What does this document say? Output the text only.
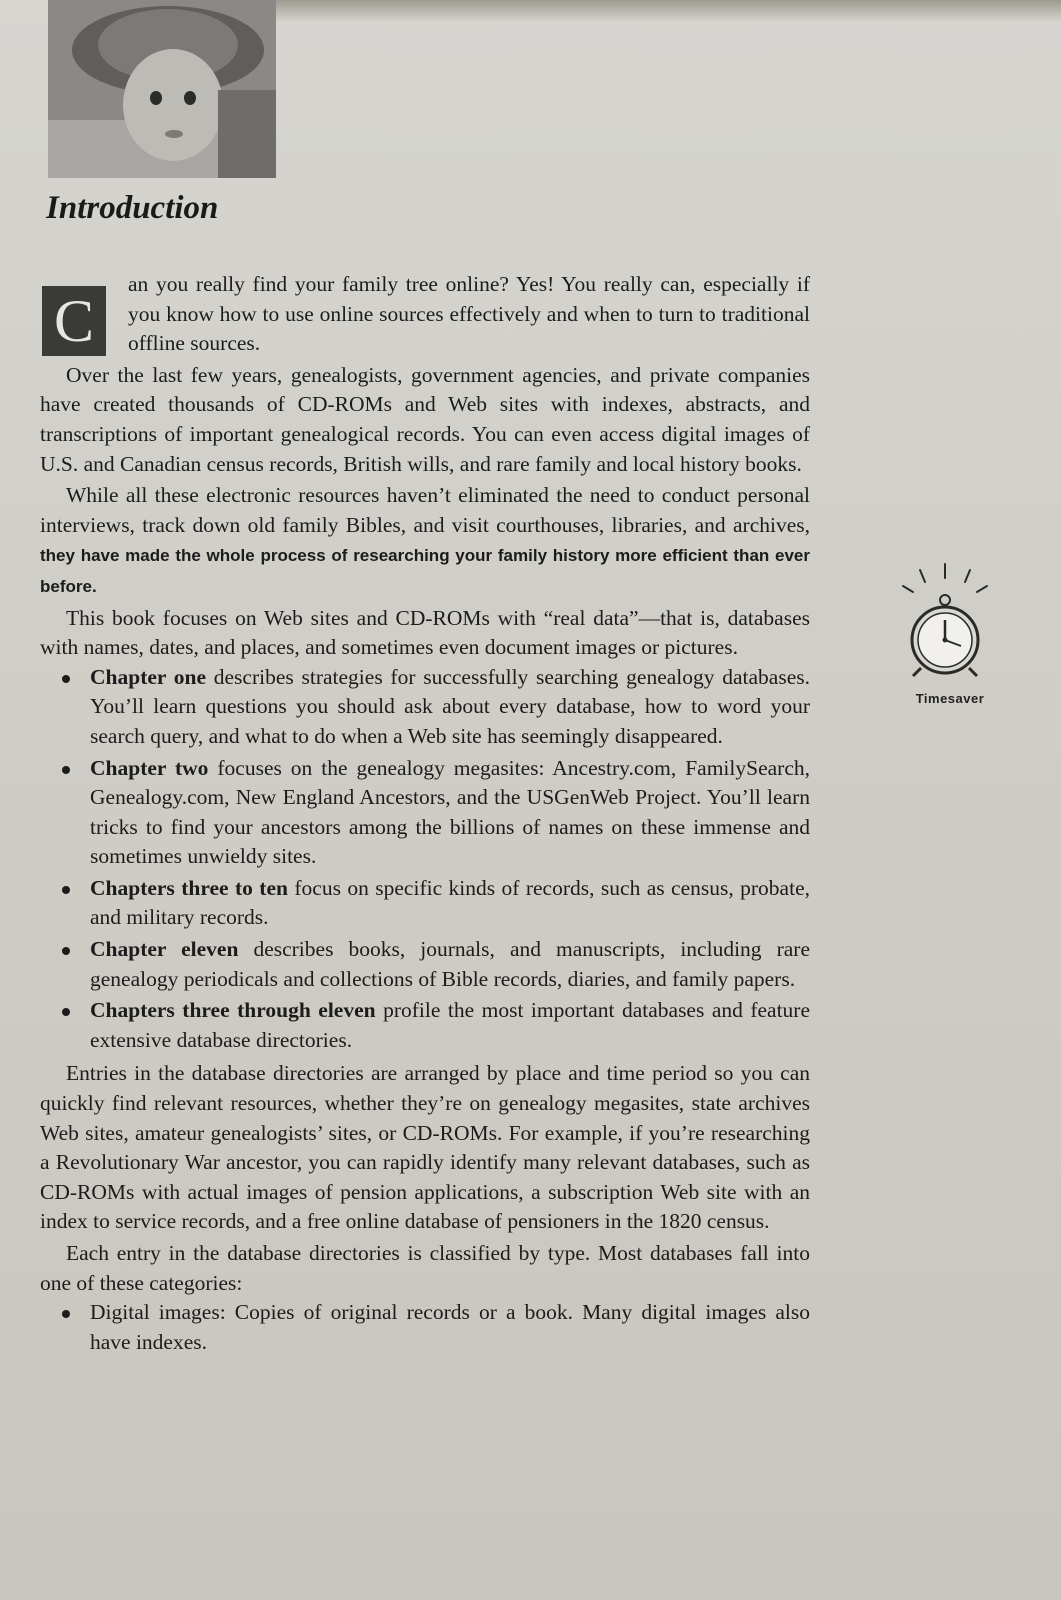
Introduction

C
an you really find your family tree online? Yes! You really can, especially if you know how to use online sources effectively and when to turn to traditional offline sources.

Over the last few years, genealogists, government agencies, and private companies have created thousands of CD-ROMs and Web sites with indexes, abstracts, and transcriptions of important genealogical records. You can even access digital images of U.S. and Canadian census records, British wills, and rare family and local history books.

While all these electronic resources haven’t eliminated the need to conduct personal interviews, track down old family Bibles, and visit courthouses, libraries, and archives, they have made the whole process of researching your family history more efficient than ever before.

This book focuses on Web sites and CD-ROMs with “real data”—that is, databases with names, dates, and places, and sometimes even document images or pictures.

Chapter one describes strategies for successfully searching genealogy databases. You’ll learn questions you should ask about every database, how to word your search query, and what to do when a Web site has seemingly disappeared.
Chapter two focuses on the genealogy megasites: Ancestry.com, FamilySearch, Genealogy.com, New England Ancestors, and the USGenWeb Project. You’ll learn tricks to find your ancestors among the billions of names on these immense and sometimes unwieldy sites.
Chapters three to ten focus on specific kinds of records, such as census, probate, and military records.
Chapter eleven describes books, journals, and manuscripts, including rare genealogy periodicals and collections of Bible records, diaries, and family papers.
Chapters three through eleven profile the most important databases and feature extensive database directories.

Entries in the database directories are arranged by place and time period so you can quickly find relevant resources, whether they’re on genealogy megasites, state archives Web sites, amateur genealogists’ sites, or CD-ROMs. For example, if you’re researching a Revolutionary War ancestor, you can rapidly identify many relevant databases, such as CD-ROMs with actual images of pension applications, a subscription Web site with an index to service records, and a free online database of pensioners in the 1820 census.

Each entry in the database directories is classified by type. Most databases fall into one of these categories:

Digital images: Copies of original records or a book. Many digital images also have indexes.
Timesaver
